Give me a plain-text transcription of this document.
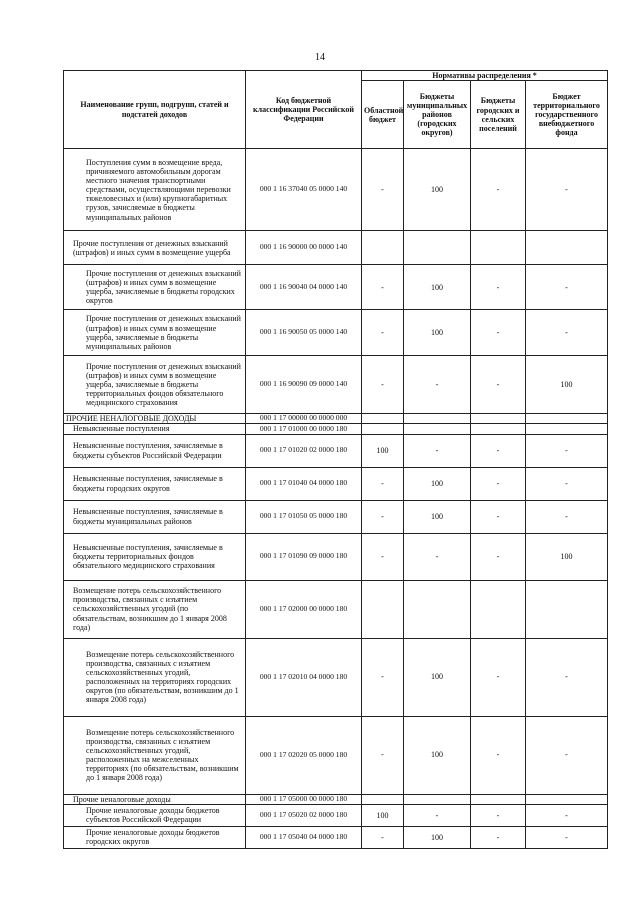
14
Наименование групп, подгрупп, статей и подстатей доходов	Код бюджетной классификации Российской Федерации	Нормативы распределения *			
		Областной бюджет	Бюджеты муниципальных районов (городских округов)	Бюджеты городских и сельских поселений	Бюджет территориального государственного внебюджетного фонда
Поступления сумм в возмещение вреда, причиняемого автомобильным дорогам местного значения транспортными средствами, осуществляющими перевозки тяжеловесных и (или) крупногабаритных грузов, зачисляемые в бюджеты муниципальных районов	000 1 16 37040 05 0000 140	-	100	-	-
Прочие поступления от денежных взысканий (штрафов) и иных сумм в возмещение ущерба	000 1 16 90000 00 0000 140				
Прочие поступления от денежных взысканий (штрафов) и иных сумм в возмещение ущерба, зачисляемые в бюджеты городских округов	000 1 16 90040 04 0000 140	-	100	-	-
Прочие поступления от денежных взысканий (штрафов) и иных сумм в возмещение ущерба, зачисляемые в бюджеты муниципальных районов	000 1 16 90050 05 0000 140	-	100	-	-
Прочие поступления от денежных взысканий (штрафов) и иных сумм в возмещение ущерба, зачисляемые в бюджеты территориальных фондов обязательного медицинского страхования	000 1 16 90090 09 0000 140	-	-	-	100
ПРОЧИЕ НЕНАЛОГОВЫЕ ДОХОДЫ	000 1 17 00000 00 0000 000				
Невыясненные поступления	000 1 17 01000 00 0000 180				
Невыясненные поступления, зачисляемые в бюджеты субъектов Российской Федерации	000 1 17 01020 02 0000 180	100	-	-	-
Невыясненные поступления, зачисляемые в бюджеты городских округов	000 1 17 01040 04 0000 180	-	100	-	-
Невыясненные поступления, зачисляемые в бюджеты муниципальных районов	000 1 17 01050 05 0000 180	-	100	-	-
Невыясненные поступления, зачисляемые в бюджеты территориальных фондов обязательного медицинского страхования	000 1 17 01090 09 0000 180	-	-	-	100
Возмещение потерь сельскохозяйственного производства, связанных с изъятием сельскохозяйственных угодий (по обязательствам, возникшим до 1 января 2008 года)	000 1 17 02000 00 0000 180				
Возмещение потерь сельскохозяйственного производства, связанных с изъятием сельскохозяйственных угодий, расположенных на территориях городских округов (по обязательствам, возникшим до 1 января 2008 года)	000 1 17 02010 04 0000 180	-	100	-	-
Возмещение потерь сельскохозяйственного производства, связанных с изъятием сельскохозяйственных угодий, расположенных на межселенных территориях (по обязательствам, возникшим до 1 января 2008 года)	000 1 17 02020 05 0000 180	-	100	-	-
Прочие неналоговые доходы	000 1 17 05000 00 0000 180				
Прочие неналоговые доходы бюджетов субъектов Российской Федерации	000 1 17 05020 02 0000 180	100	-	-	-
Прочие неналоговые доходы бюджетов городских округов	000 1 17 05040 04 0000 180	-	100	-	-
